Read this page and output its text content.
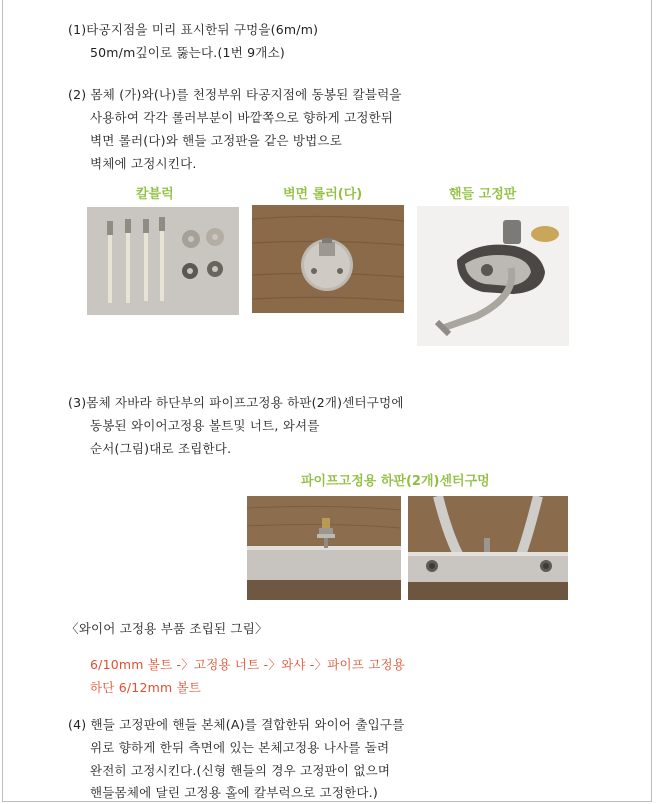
(1)타공지점을 미리 표시한뒤 구멍을(6m/m)
50m/m깊이로 뚫는다.(1번 9개소)
(2) 몸체 (가)와(나)를 천정부위 타공지점에 동봉된 칼블럭을
사용하여 각각 롤러부분이 바깥쪽으로 향하게 고정한뒤
벽면 롤러(다)와 핸들 고정판을 같은 방법으로
벽체에 고정시킨다.
칼블럭	벽면 롤러(다)	핸들 고정판
(3)몸체 자바라 하단부의 파이프고정용 하판(2개)센터구멍에
동봉된 와이어고정용 볼트및 너트, 와셔를
순서(그림)대로 조립한다.
파이프고정용 하판(2개)센터구멍
〈와이어 고정용 부품 조립된 그림〉
6/10mm 볼트 -〉고정용 너트 -〉와샤 -〉파이프 고정용
하단 6/12mm 볼트
(4) 핸들 고정판에 핸들 본체(A)를 결합한뒤 와이어 출입구를
위로 향하게 한뒤 측면에 있는 본체고정용 나사를 돌려
완전히 고정시킨다.(신형 핸들의 경우 고정판이 없으며
핸들몸체에 달린 고정용 홀에 칼부럭으로 고정한다.)
